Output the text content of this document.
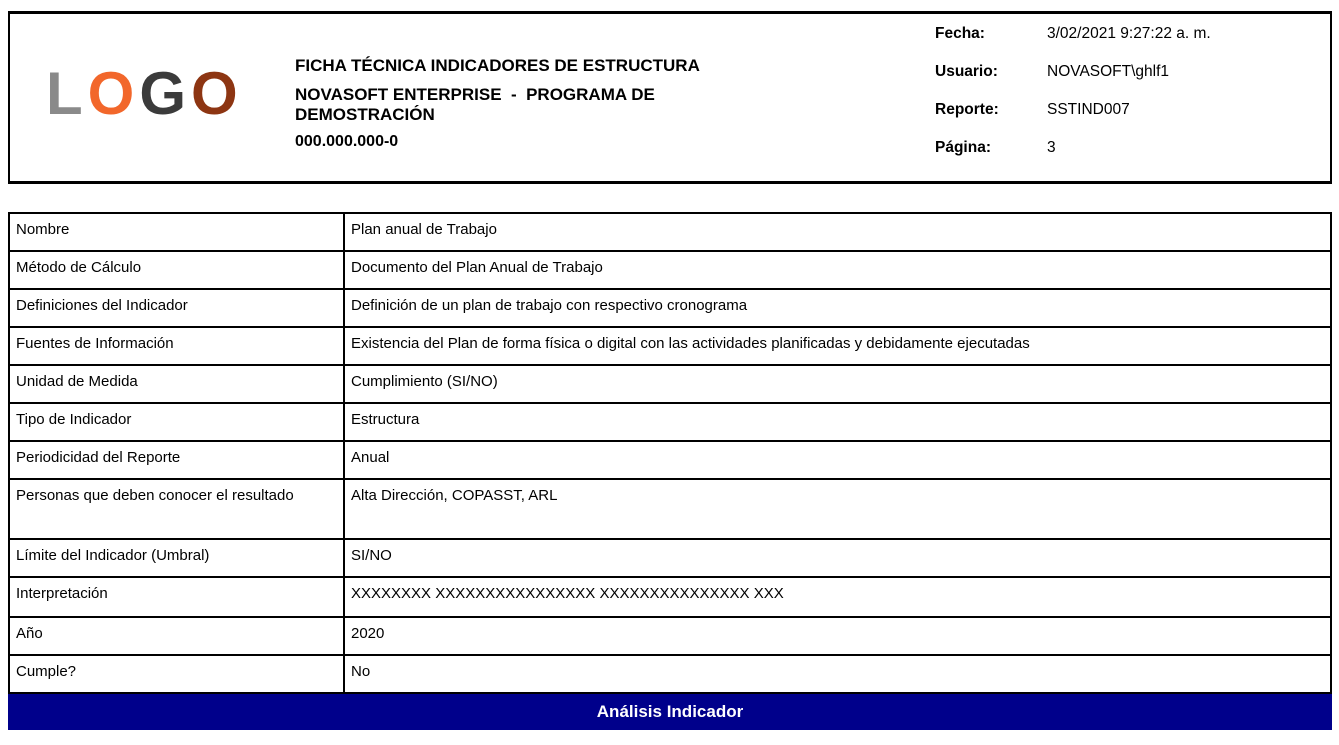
LOGO	FICHA TÉCNICA INDICADORES DE ESTRUCTURA
NOVASOFT ENTERPRISE  -  PROGRAMA DE DEMOSTRACIÓN
000.000.000-0
Fecha:	3/02/2021 9:27:22 a. m.
Usuario:	NOVASOFT\ghlf1
Reporte:	SSTIND007
Página:	3
Nombre	Plan anual de Trabajo
Método de Cálculo	Documento del Plan Anual de Trabajo
Definiciones del Indicador	Definición de un plan de trabajo con respectivo cronograma
Fuentes de Información	Existencia del Plan de forma física o digital con las actividades planificadas y debidamente ejecutadas
Unidad de Medida	Cumplimiento (SI/NO)
Tipo de Indicador	Estructura
Periodicidad del Reporte	Anual
Personas que deben conocer el resultado	Alta Dirección, COPASST, ARL
Límite del Indicador (Umbral)	SI/NO
Interpretación	XXXXXXXX XXXXXXXXXXXXXXXX XXXXXXXXXXXXXXX XXX
Año	2020
Cumple?	No
Análisis Indicador
